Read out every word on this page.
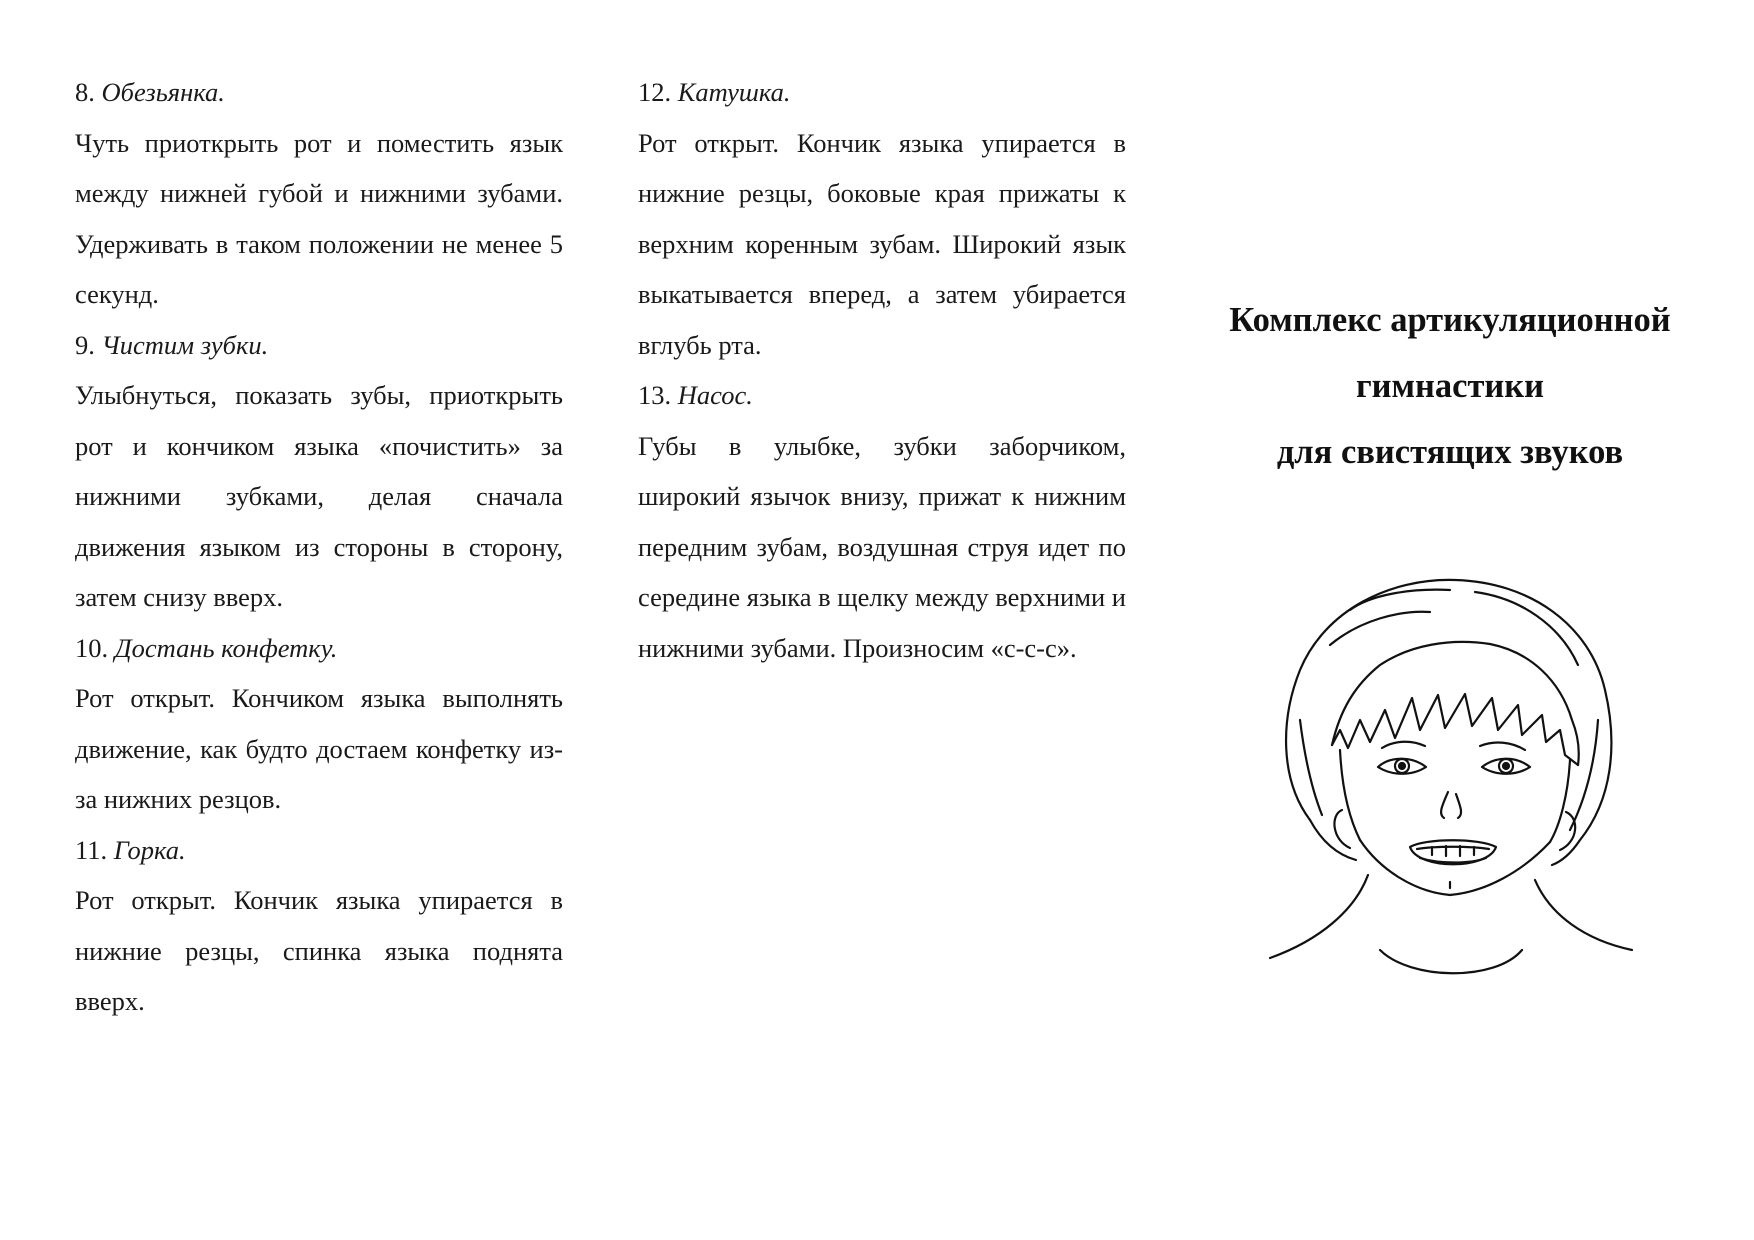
8. Обезьянка.

Чуть приоткрыть рот и поместить язык между нижней губой и нижними зубами. Удерживать в таком положении не менее 5 секунд.

9. Чистим зубки.

Улыбнуться, показать зубы, приоткрыть рот и кончиком языка «почистить» за нижними зубками, делая сначала движения языком из стороны в сторону, затем снизу вверх.

10. Достань конфетку.

Рот открыт. Кончиком языка выполнять движение, как будто достаем конфетку из-за нижних резцов.

11. Горка.

Рот открыт. Кончик языка упирается в нижние резцы, спинка языка поднята вверх.

12. Катушка.

Рот открыт. Кончик языка упирается в нижние резцы, боковые края прижаты к верхним коренным зубам. Широкий язык выкатывается вперед, а затем убирается вглубь рта.

13. Насос.

Губы в улыбке, зубки заборчиком, широкий язычок внизу, прижат к нижним передним зубам, воздушная струя идет по середине языка в щелку между верхними и нижними зубами. Произносим «с-с-с».

Комплекс артикуляционной
гимнастики
для свистящих звуков
